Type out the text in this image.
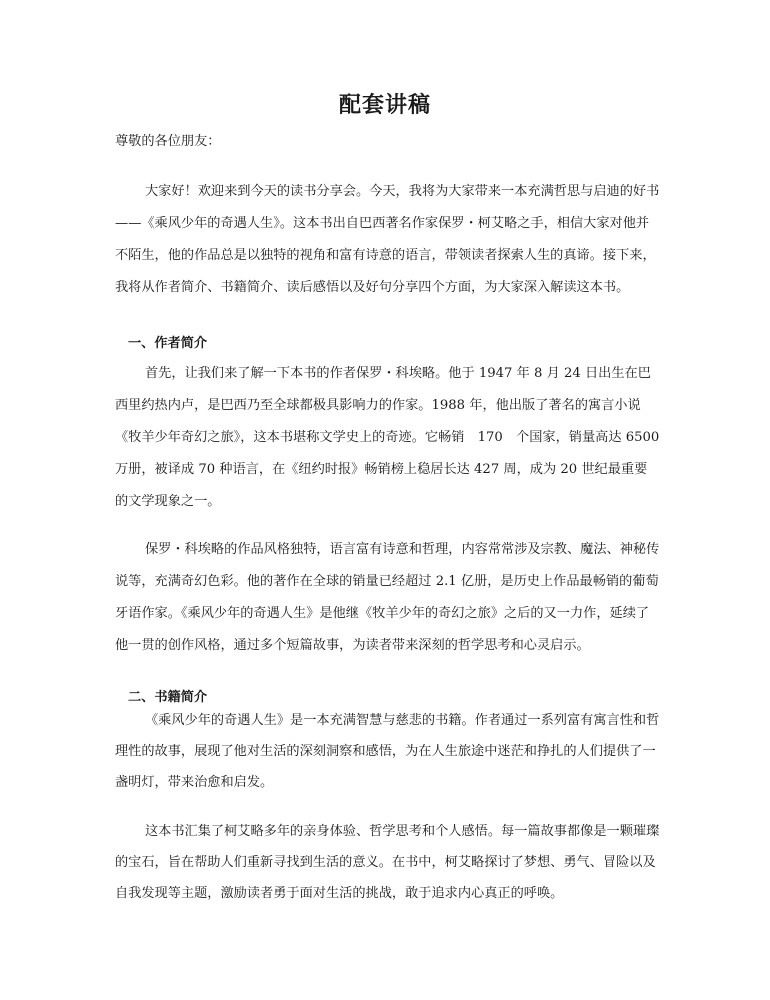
配套讲稿
尊敬的各位朋友：
大家好！欢迎来到今天的读书分享会。今天，我将为大家带来一本充满哲思与启迪的好书　——《乘风少年的奇遇人生》。这本书出自巴西著名作家保罗・柯艾略之手，相信大家对他并不陌生，他的作品总是以独特的视角和富有诗意的语言，带领读者探索人生的真谛。接下来，我将从作者简介、书籍简介、读后感悟以及好句分享四个方面，为大家深入解读这本书。
一、作者简介
首先，让我们来了解一下本书的作者保罗・科埃略。他于 1947 年 8 月 24 日出生在巴西里约热内卢，是巴西乃至全球都极具影响力的作家。1988 年，他出版了著名的寓言小说《牧羊少年奇幻之旅》，这本书堪称文学史上的奇迹。它畅销　170　个国家，销量高达 6500 万册，被译成 70 种语言，在《纽约时报》畅销榜上稳居长达 427 周，成为 20 世纪最重要的文学现象之一。
保罗・科埃略的作品风格独特，语言富有诗意和哲理，内容常常涉及宗教、魔法、神秘传说等，充满奇幻色彩。他的著作在全球的销量已经超过 2.1 亿册，是历史上作品最畅销的葡萄牙语作家。《乘风少年的奇遇人生》是他继《牧羊少年的奇幻之旅》之后的又一力作，延续了他一贯的创作风格，通过多个短篇故事，为读者带来深刻的哲学思考和心灵启示。
二、书籍简介
《乘风少年的奇遇人生》是一本充满智慧与慈悲的书籍。作者通过一系列富有寓言性和哲理性的故事，展现了他对生活的深刻洞察和感悟，为在人生旅途中迷茫和挣扎的人们提供了一盏明灯，带来治愈和启发。
这本书汇集了柯艾略多年的亲身体验、哲学思考和个人感悟。每一篇故事都像是一颗璀璨的宝石，旨在帮助人们重新寻找到生活的意义。在书中，柯艾略探讨了梦想、勇气、冒险以及自我发现等主题，激励读者勇于面对生活的挑战，敢于追求内心真正的呼唤。
